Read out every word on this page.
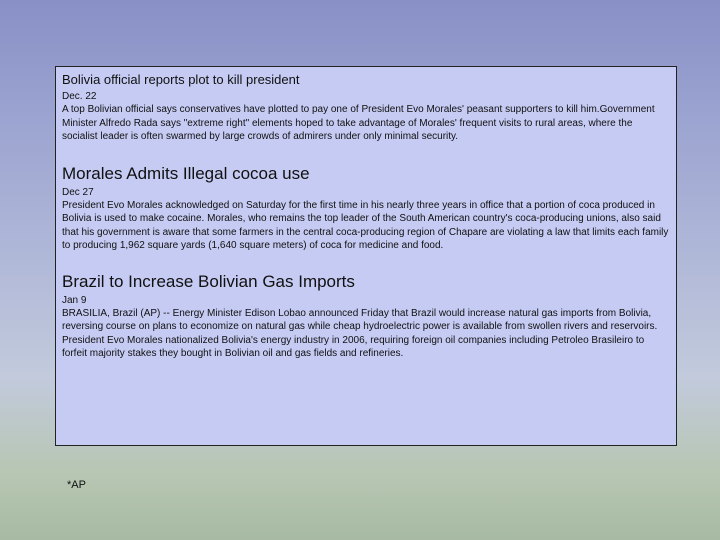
Bolivia official reports plot to kill president

Dec. 22

A top Bolivian official says conservatives have plotted to pay one of President Evo Morales' peasant supporters to kill him.Government Minister Alfredo Rada says "extreme right" elements hoped to take advantage of Morales' frequent visits to rural areas, where the socialist leader is often swarmed by large crowds of admirers under only minimal security.

Morales Admits Illegal cocoa use

Dec 27

President Evo Morales acknowledged on Saturday for the first time in his nearly three years in office that a portion of coca produced in Bolivia is used to make cocaine. Morales, who remains the top leader of the South American country's coca-producing unions, also said that his government is aware that some farmers in the central coca-producing region of Chapare are violating a law that limits each family to producing 1,962 square yards (1,640 square meters) of coca for medicine and food.

Brazil to Increase Bolivian Gas Imports

Jan 9

BRASILIA, Brazil (AP) -- Energy Minister Edison Lobao announced Friday that Brazil would increase natural gas imports from Bolivia, reversing course on plans to economize on natural gas while cheap hydroelectric power is available from swollen rivers and reservoirs.

President Evo Morales nationalized Bolivia's energy industry in 2006, requiring foreign oil companies including Petroleo Brasileiro to forfeit majority stakes they bought in Bolivian oil and gas fields and refineries.

*AP
